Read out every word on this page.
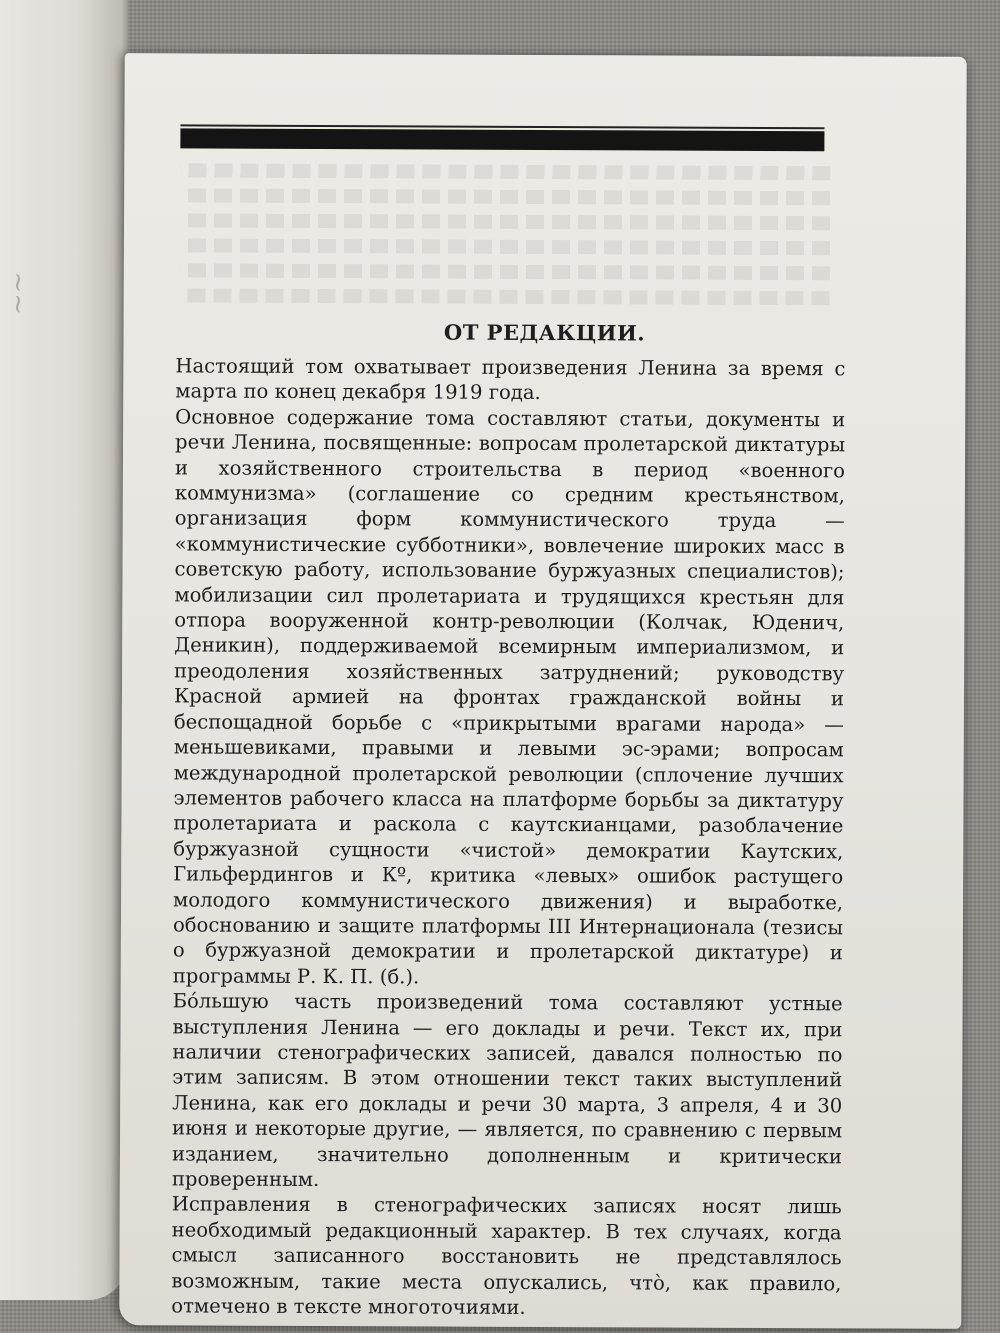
~~
ОТ РЕДАКЦИИ.

Настоящий том охватывает произведения Ленина за время с марта по конец декабря 1919 года.

Основное содержание тома составляют статьи, документы и речи Ленина, посвященные: вопросам пролетарской диктатуры и хозяйственного строительства в период «военного коммунизма» (соглашение со средним крестьянством, организация форм коммунистического труда — «коммунистические субботники», вовлечение широких масс в советскую работу, использование буржуазных специалистов); мобилизации сил пролетариата и трудящихся крестьян для отпора вооруженной контр-революции (Колчак, Юденич, Деникин), поддерживаемой всемирным империализмом, и преодоления хозяйственных затруднений; руководству Красной армией на фронтах гражданской войны и беспощадной борьбе с «прикрытыми врагами народа» — меньшевиками, правыми и левыми эс-эрами; вопросам международной пролетарской революции (сплочение лучших элементов рабочего класса на платформе борьбы за диктатуру пролетариата и раскола с каутскианцами, разоблачение буржуазной сущности «чистой» демократии Каутских, Гильфердингов и Кº, критика «левых» ошибок растущего молодого коммунистического движения) и выработке, обоснованию и защите платформы III Интернационала (тезисы о буржуазной демократии и пролетарской диктатуре) и программы Р. К. П. (б.).

Бо́льшую часть произведений тома составляют устные выступления Ленина — его доклады и речи. Текст их, при наличии стенографических записей, давался полностью по этим записям. В этом отношении текст таких выступлений Ленина, как его доклады и речи 30 марта, 3 апреля, 4 и 30 июня и некоторые другие, — является, по сравнению с первым изданием, значительно дополненным и критически проверенным.

Исправления в стенографических записях носят лишь необходимый редакционный характер. В тех случаях, когда смысл записанного восстановить не представлялось возможным, такие места опускались, что̀, как правило, отмечено в тексте многоточиями.
